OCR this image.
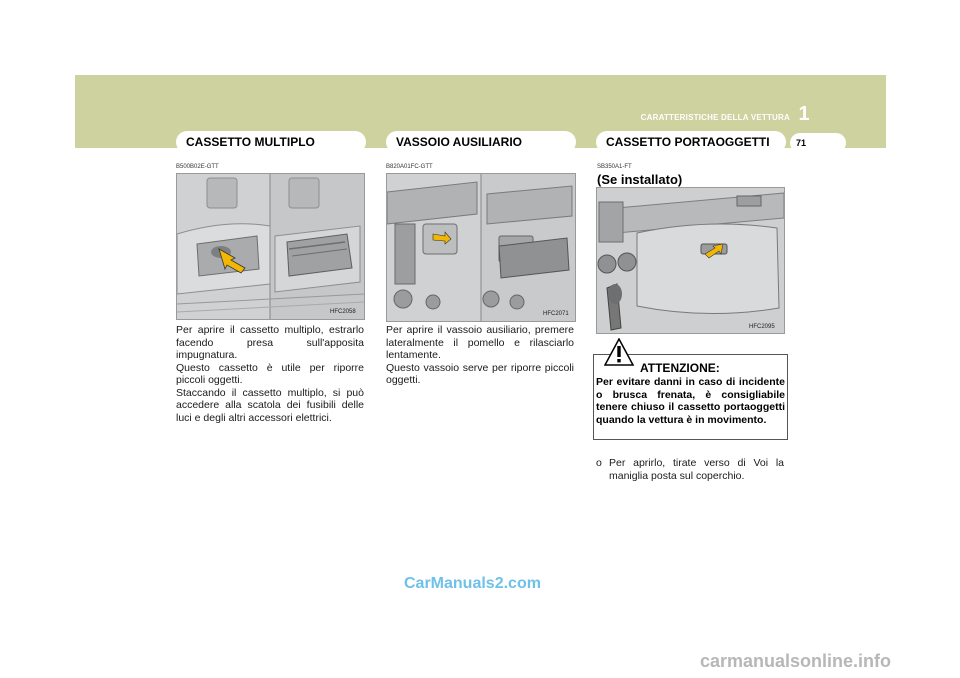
CARATTERISTICHE DELLA VETTURA 1
71
CASSETTO MULTIPLO	VASSOIO AUSILIARIO	CASSETTO PORTAOGGETTI
B500B02E-GTT
HFC2058

Per aprire il cassetto multiplo, estrarlo facendo presa sull'apposita impugnatura.

Questo cassetto è utile per riporre piccoli oggetti.

Staccando il cassetto multiplo, si può accedere alla scatola dei fusibili delle luci e degli altri accessori elettrici.

B820A01FC-GTT
HFC2071

Per aprire il vassoio ausiliario, premere lateralmente il pomello e rilasciarlo lentamente.

Questo vassoio serve per riporre piccoli oggetti.

SB350A1-FT
(Se installato)
HFC2095
ATTENZIONE:
Per evitare danni in caso di incidente o brusca frenata, è consigliabile tenere chiuso il cassetto portaoggetti quando la vettura è in movimento.
o Per aprirlo, tirate verso di Voi la maniglia posta sul coperchio.
CarManuals2.com
carmanualsonline.info
